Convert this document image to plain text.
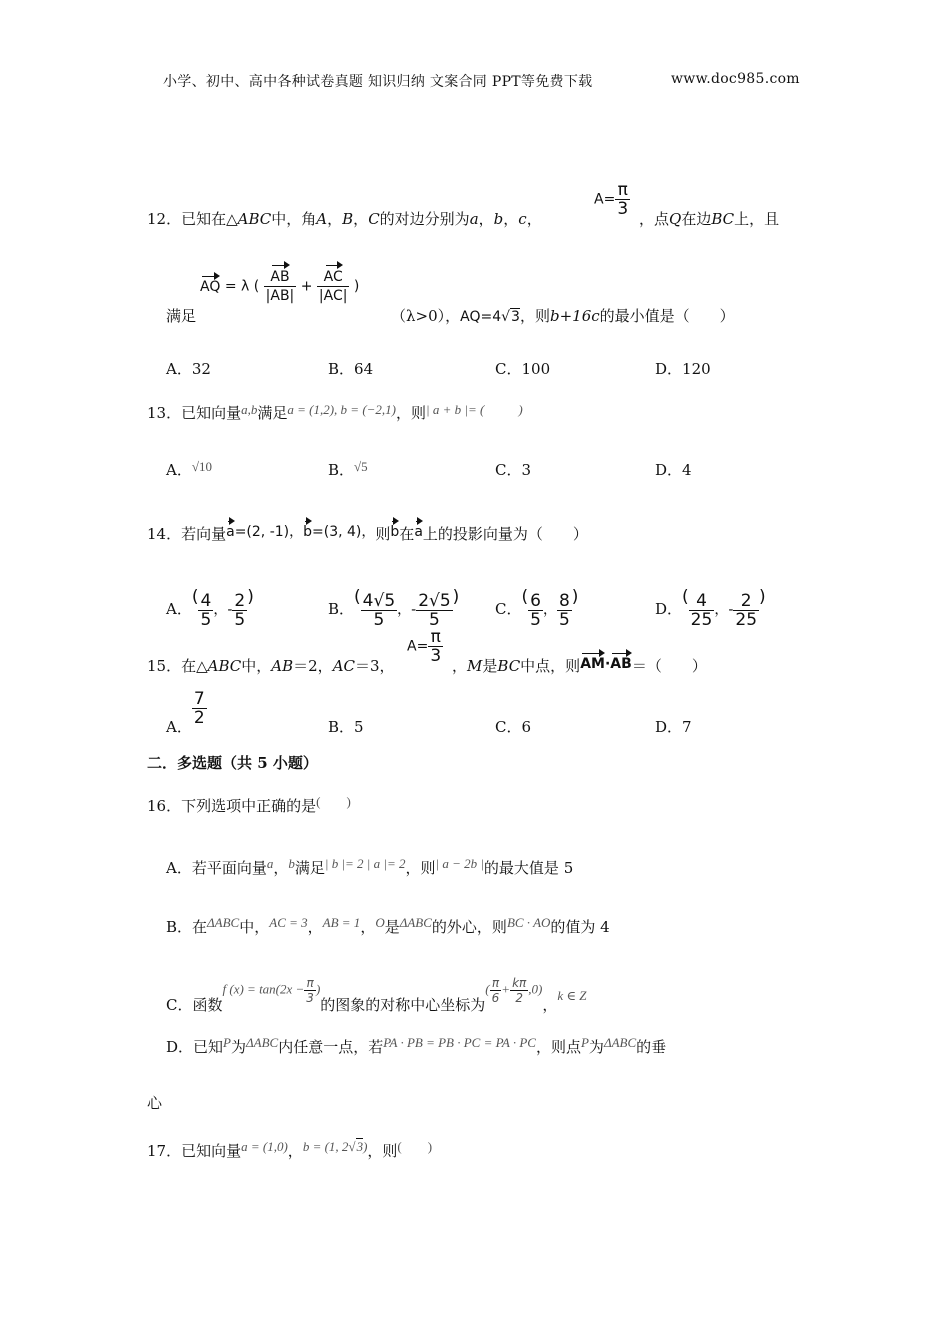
小学、初中、高中各种试卷真题 知识归纳 文案合同 PPT等免费下载	www.doc985.com
12．已知在△ABC中，角A，B，C的对边分别为a，b，c，
$A= \frac{\pi}{3}$
，点Q在边BC上，且
满足
AQ = λ ( $\frac{AB}{|AB|} + \frac{AC}{|AC|}$ )
（λ>0），AQ=4√3，则b+16c的最小值是（　　）
A．32	B．64	C．100	D．120
13．已知向量a,b满足a = (1,2), b = (−2,1)，则| a + b |= (	)
A．√10	B．√5	C．3	D．4
14．若向量a=(2, -1)，b=(3, 4)，则b在a上的投影向量为（　　）
A．( $\frac{4}{5}$ ，- $\frac{2}{5}$ )
B．( $\frac{4√5}{5}$ ，- $\frac{2√5}{5}$ )
C．( $\frac{6}{5}$ ， $\frac{8}{5}$ )
D．( $\frac{4}{25}$ ，- $\frac{2}{25}$ )
15．在△ABC中，AB＝2，AC＝3，
$A= \frac{\pi}{3}$
，M是BC中点，则AM·AB＝（　　）
A． $\frac{7}{2}$	B．5	C．6	D．7
二．多选题（共 5 小题）
16．下列选项中正确的是(　　)
A．若平面向量a，b满足| b |= 2 | a |= 2，则| a − 2b |的最大值是 5
B．在ΔABC中，AC = 3，AB = 1，O是ΔABC的外心，则BC · AO的值为 4
C．函数f $(x) = \tan(2x - \frac{\pi}{3}$ )的图象的对称中心坐标为( $\frac{\pi}{6} + \frac{k\pi}{2} ,0$)，k ∈ Z
D．已知P为ΔABC内任意一点，若PA · PB = PB · PC = PA · PC，则点P为ΔABC的垂
心
17．已知向量a = (1,0)，b = (1, 2√3)，则(　　)
